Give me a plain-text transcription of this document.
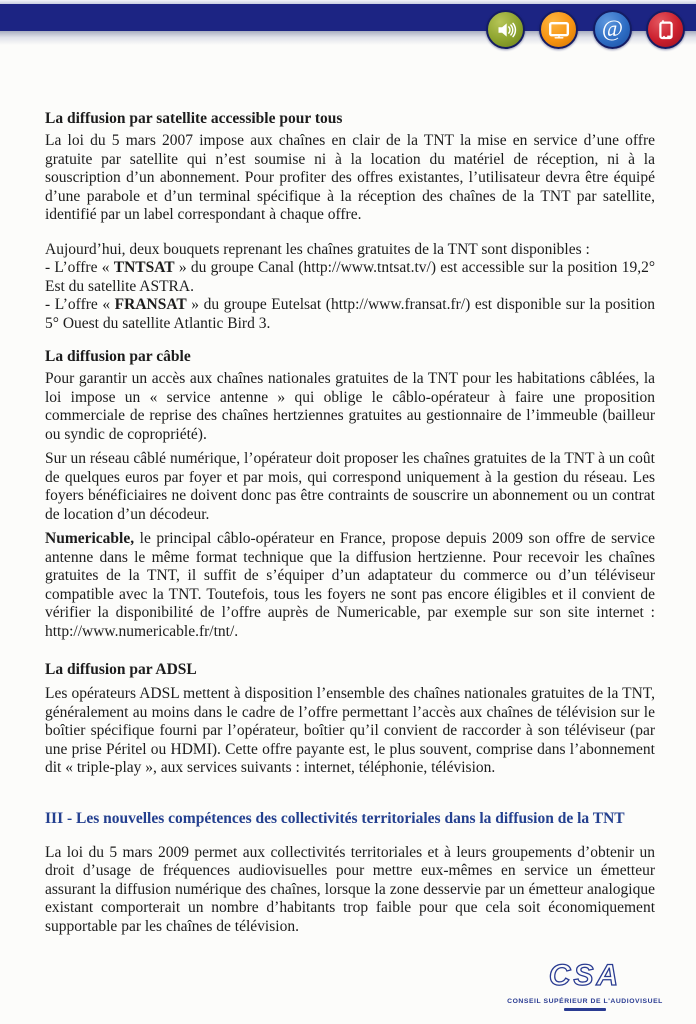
@
La diffusion par satellite accessible pour tous

La loi du 5 mars 2007 impose aux chaînes en clair de la TNT la mise en service d’une offre gratuite par satellite qui n’est soumise ni à la location du matériel de réception, ni à la souscription d’un abonnement. Pour profiter des offres existantes, l’utilisateur devra être équipé d’une parabole et d’un terminal spécifique à la réception des chaînes de la TNT par satellite, identifié par un label correspondant à chaque offre.

Aujourd’hui, deux bouquets reprenant les chaînes gratuites de la TNT sont disponibles :

- L’offre « TNTSAT » du groupe Canal (http://www.tntsat.tv/) est accessible sur la position 19,2° Est du satellite ASTRA.

- L’offre « FRANSAT » du groupe Eutelsat (http://www.fransat.fr/) est disponible sur la position 5° Ouest du satellite Atlantic Bird 3.

La diffusion par câble

Pour garantir un accès aux chaînes nationales gratuites de la TNT pour les habitations câblées, la loi impose un « service antenne » qui oblige le câblo-opérateur à faire une proposition commerciale de reprise des chaînes hertziennes gratuites au gestionnaire de l’immeuble (bailleur ou syndic de copropriété).

Sur un réseau câblé numérique, l’opérateur doit proposer les chaînes gratuites de la TNT à un coût de quelques euros par foyer et par mois, qui correspond uniquement à la gestion du réseau. Les foyers bénéficiaires ne doivent donc pas être contraints de souscrire un abonnement ou un contrat de location d’un décodeur.

Numericable, le principal câblo-opérateur en France, propose depuis 2009 son offre de service antenne dans le même format technique que la diffusion hertzienne. Pour recevoir les chaînes gratuites de la TNT, il suffit de s’équiper d’un adaptateur du commerce ou d’un téléviseur compatible avec la TNT. Toutefois, tous les foyers ne sont pas encore éligibles et il convient de vérifier la disponibilité de l’offre auprès de Numericable, par exemple sur son site internet : http://www.numericable.fr/tnt/.

La diffusion par ADSL

Les opérateurs ADSL mettent à disposition l’ensemble des chaînes nationales gratuites de la TNT, généralement au moins dans le cadre de l’offre permettant l’accès aux chaînes de télévision sur le boîtier spécifique fourni par l’opérateur, boîtier qu’il convient de raccorder à son téléviseur (par une prise Péritel ou HDMI). Cette offre payante est, le plus souvent, comprise dans l’abonnement dit « triple-play », aux services suivants : internet, téléphonie, télévision.

III - Les nouvelles compétences des collectivités territoriales dans la diffusion de la TNT

La loi du 5 mars 2009 permet aux collectivités territoriales et à leurs groupements d’obtenir un droit d’usage de fréquences audiovisuelles pour mettre eux-mêmes en service un émetteur assurant la diffusion numérique des chaînes, lorsque la zone desservie par un émetteur analogique existant comporterait un nombre d’habitants trop faible pour que cela soit économiquement supportable par les chaînes de télévision.

CSA
CONSEIL SUPÉRIEUR DE L'AUDIOVISUEL
